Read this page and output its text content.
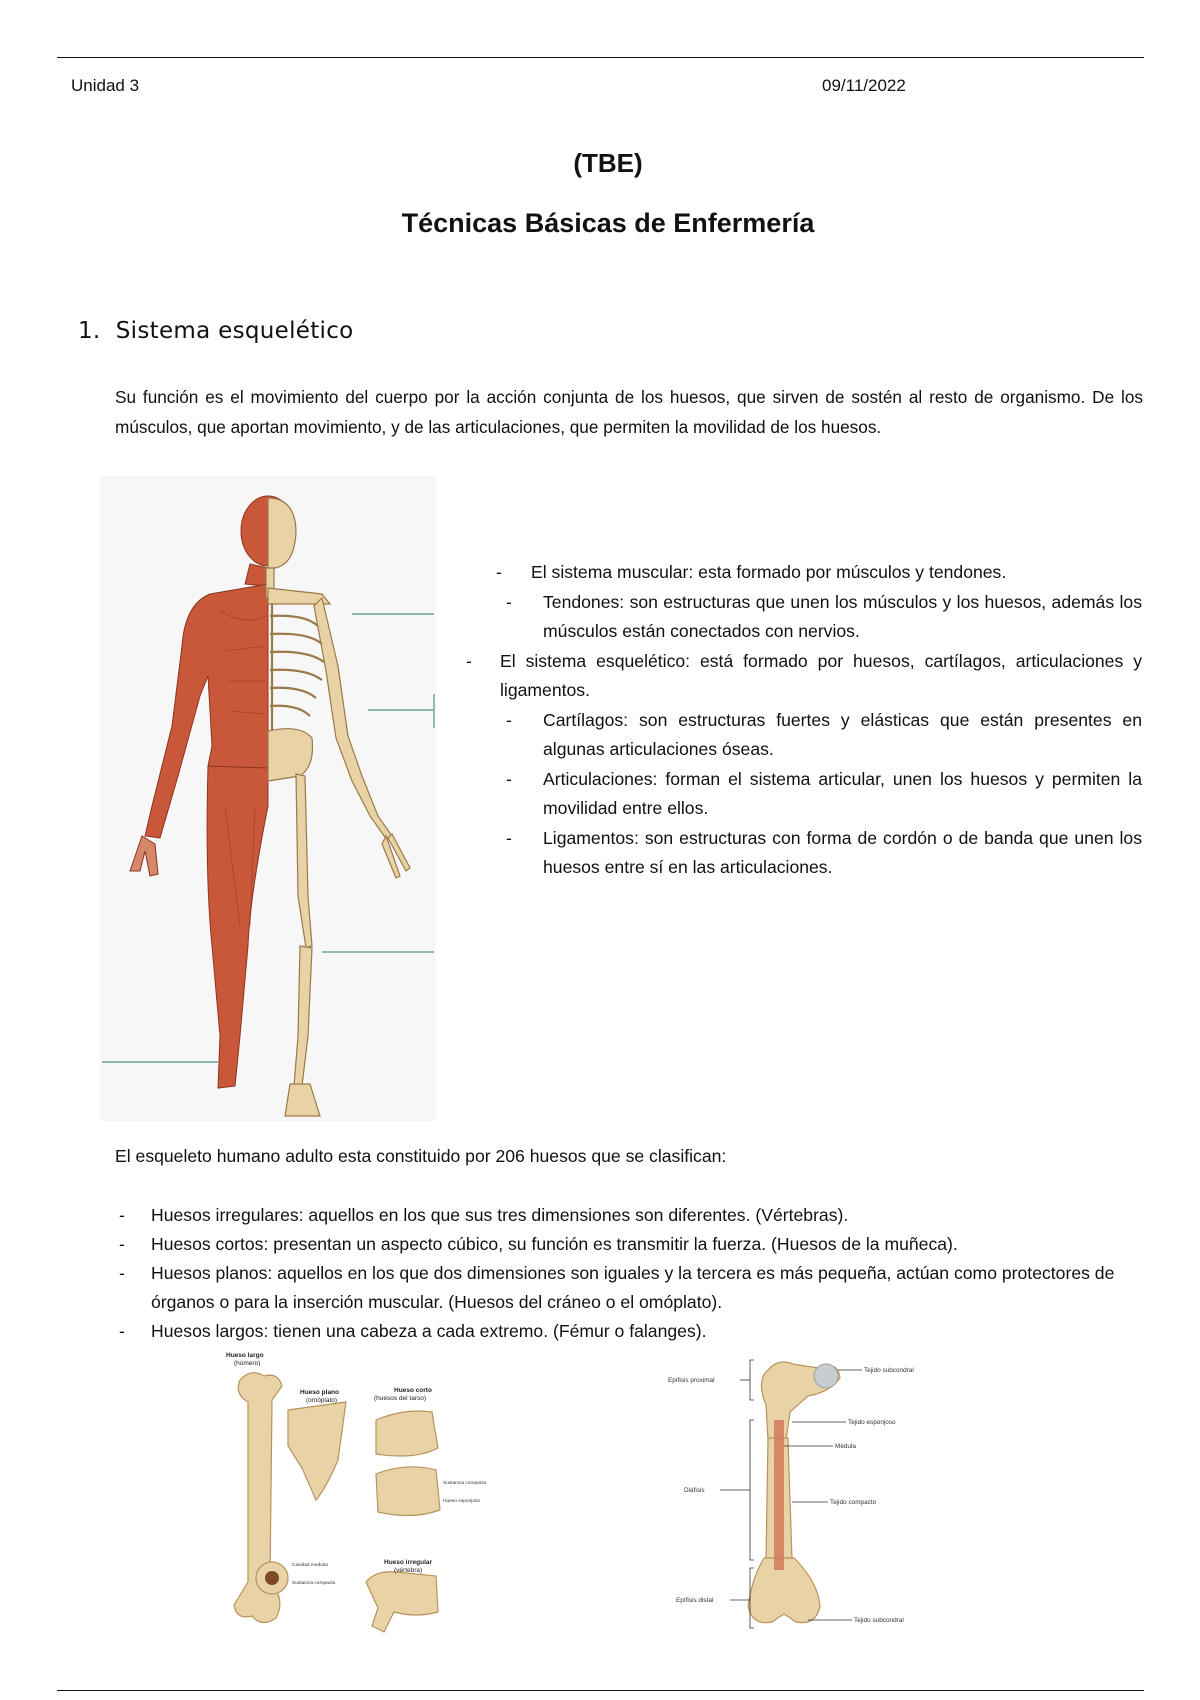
Unidad 3	09/11/2022
(TBE)
Técnicas Básicas de Enfermería
1. Sistema esquelético
Su función es el movimiento del cuerpo por la acción conjunta de los huesos, que sirven de sostén al resto de organismo. De los músculos, que aportan movimiento, y de las articulaciones, que permiten la movilidad de los huesos.
- El sistema muscular: esta formado por músculos y tendones.
- Tendones: son estructuras que unen los músculos y los huesos, además los músculos están conectados con nervios.
- El sistema esquelético: está formado por huesos, cartílagos, articulaciones y ligamentos.
- Cartílagos: son estructuras fuertes y elásticas que están presentes en algunas articulaciones óseas.
- Articulaciones: forman el sistema articular, unen los huesos y permiten la movilidad entre ellos.
- Ligamentos: son estructuras con forma de cordón o de banda que unen los huesos entre sí en las articulaciones.
El esqueleto humano adulto esta constituido por 206 huesos que se clasifican:
- Huesos irregulares: aquellos en los que sus tres dimensiones son diferentes. (Vértebras).
- Huesos cortos: presentan un aspecto cúbico, su función es transmitir la fuerza. (Huesos de la muñeca).
- Huesos planos: aquellos en los que dos dimensiones son iguales y la tercera es más pequeña, actúan como protectores de órganos o para la inserción muscular. (Huesos del cráneo o el omóplato).
- Huesos largos: tienen una cabeza a cada extremo. (Fémur o falanges).
Hueso largo
(húmero)
Hueso plano
(omóplato)
Hueso corto
(huesos del tarso)
Hueso irregular
(vértebra)
Cavidad medular
Sustancia compacta
Sustancia compacta
Hueso esponjoso
Epífisis proximal
Diáfisis
Epífisis distal
Tejido subcondral
Tejido esponjoso
Médula
Tejido compacto
Tejido subcondral
